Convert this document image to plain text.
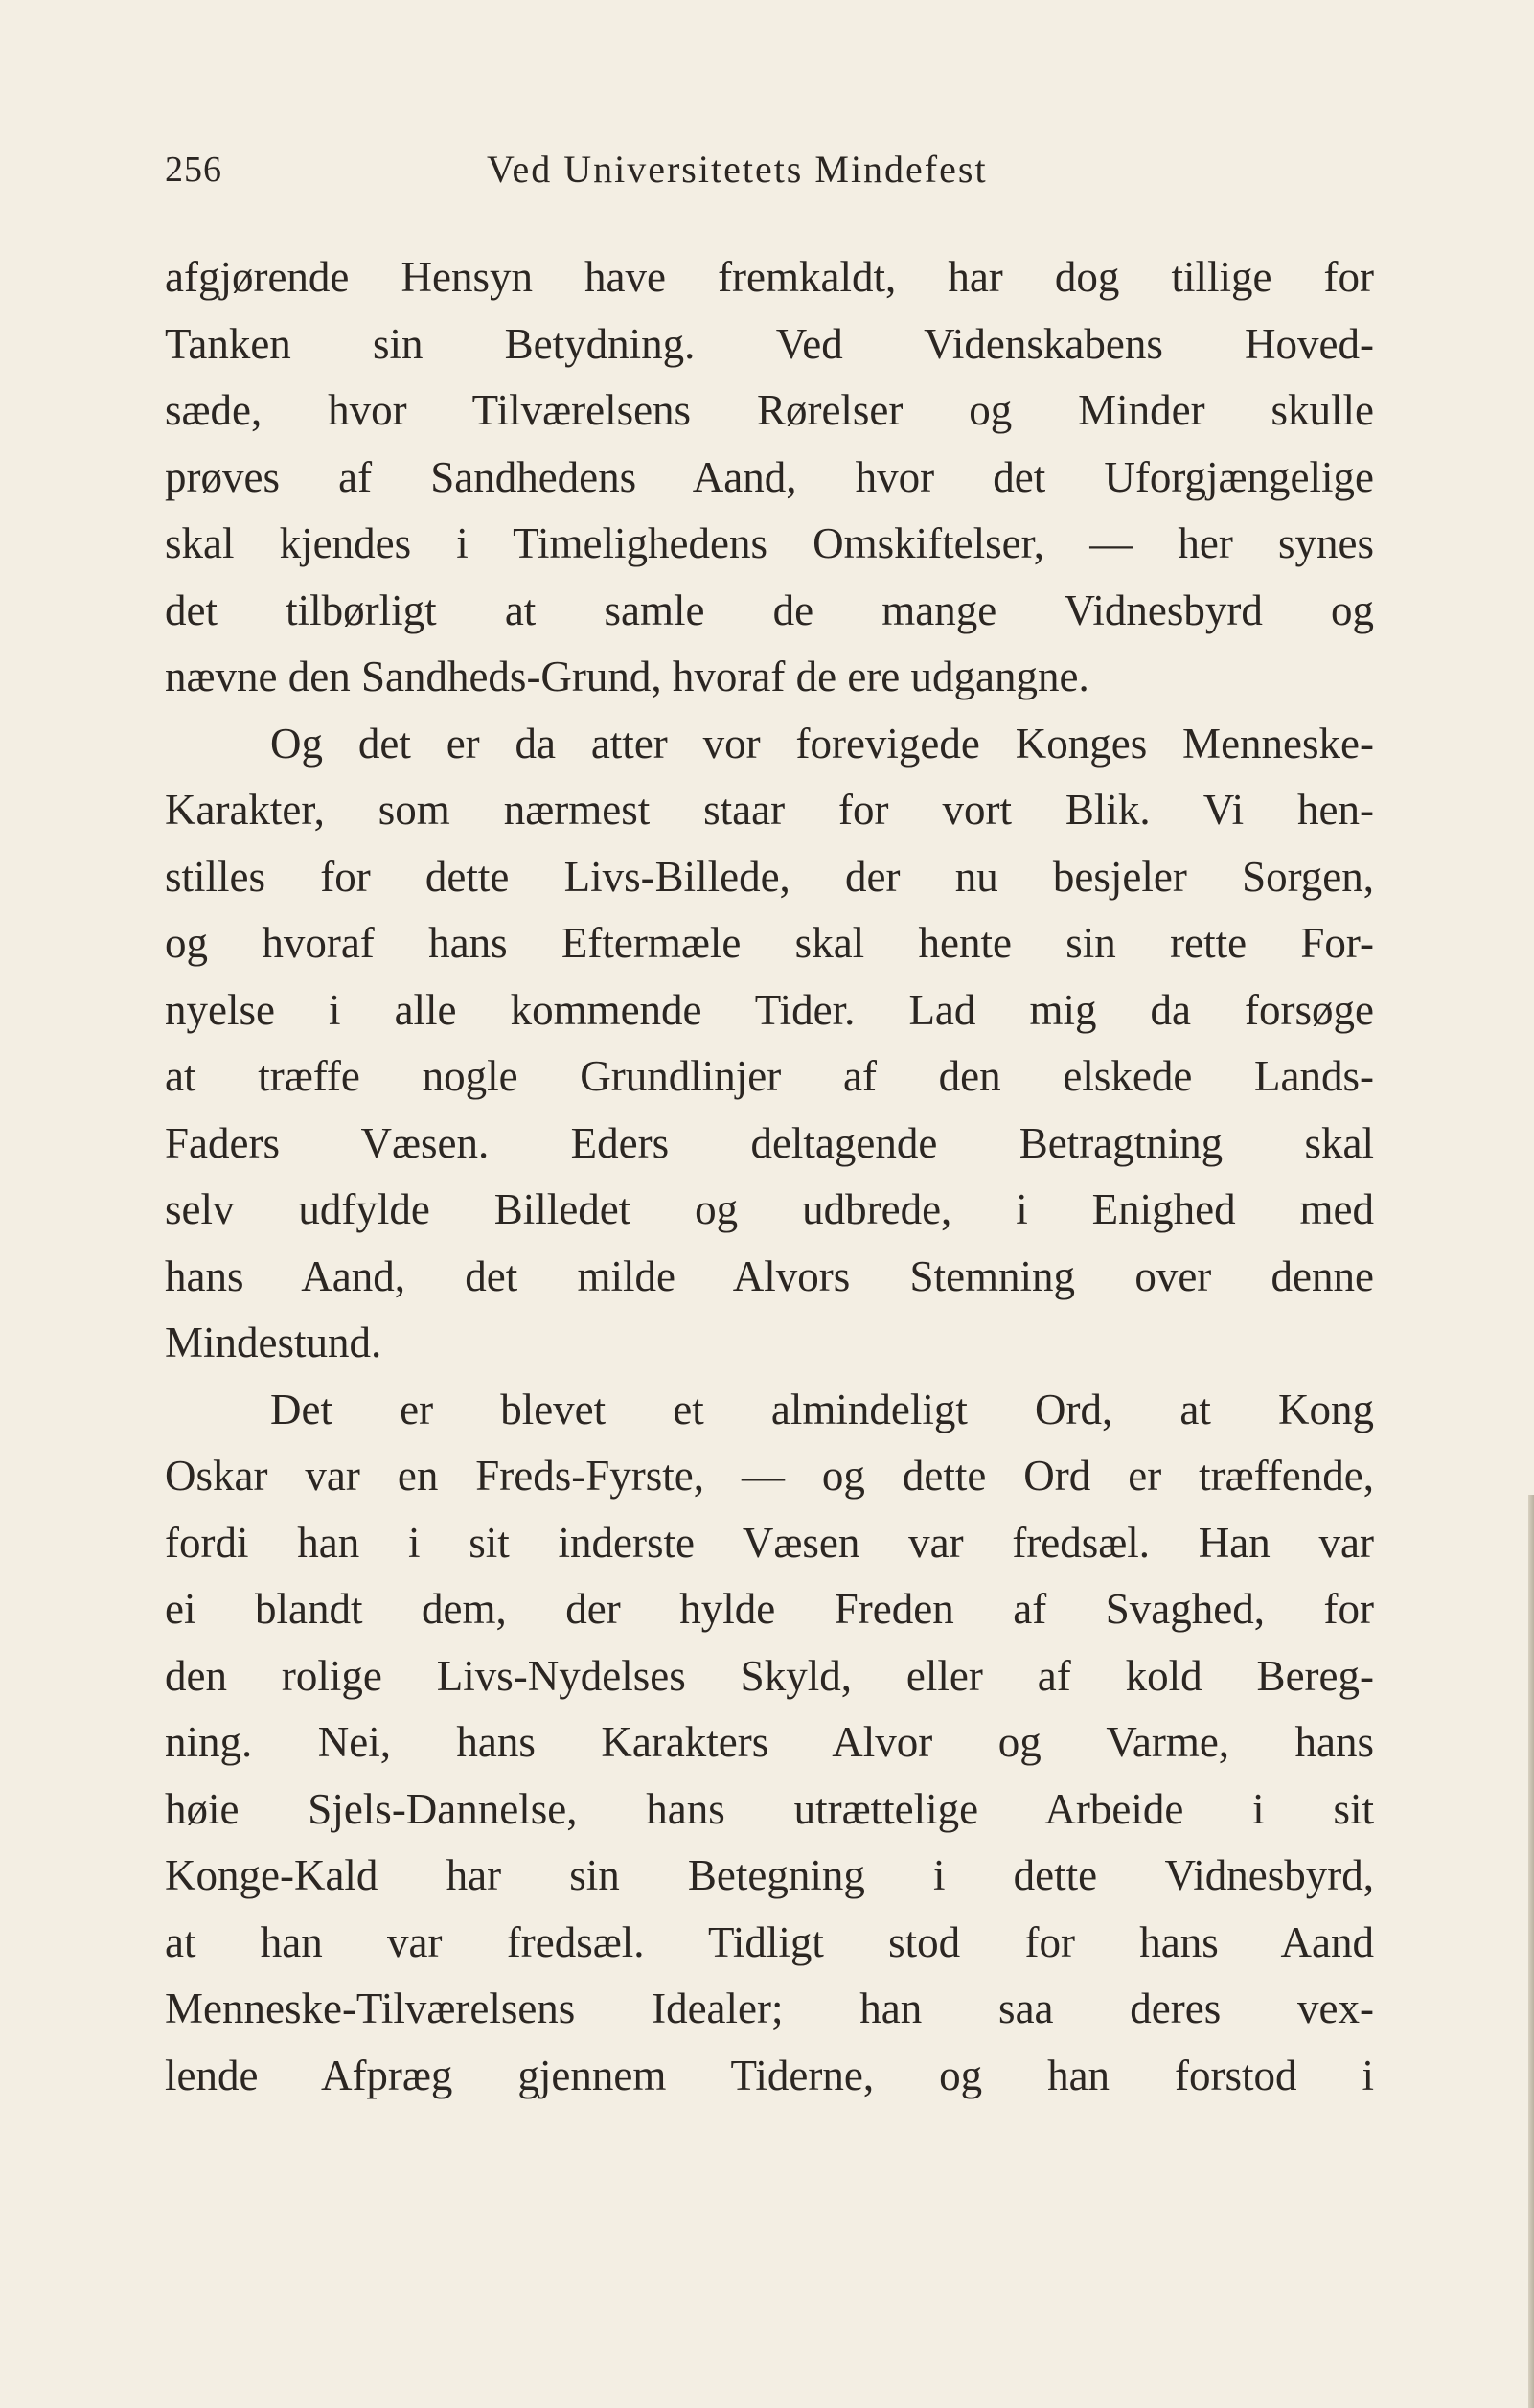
256	Ved Universitetets Mindefest
afgjørende Hensyn have fremkaldt, har dog tillige for
Tanken sin Betydning. Ved Videnskabens Hoved-
sæde, hvor Tilværelsens Rørelser og Minder skulle
prøves af Sandhedens Aand, hvor det Uforgjængelige
skal kjendes i Timelighedens Omskiftelser, — her synes
det tilbørligt at samle de mange Vidnesbyrd og
nævne den Sandheds-Grund, hvoraf de ere udgangne.
Og det er da atter vor forevigede Konges Menneske-
Karakter, som nærmest staar for vort Blik. Vi hen-
stilles for dette Livs-Billede, der nu besjeler Sorgen,
og hvoraf hans Eftermæle skal hente sin rette For-
nyelse i alle kommende Tider. Lad mig da forsøge
at træffe nogle Grundlinjer af den elskede Lands-
Faders Væsen. Eders deltagende Betragtning skal
selv udfylde Billedet og udbrede, i Enighed med
hans Aand, det milde Alvors Stemning over denne
Mindestund.
Det er blevet et almindeligt Ord, at Kong
Oskar var en Freds-Fyrste, — og dette Ord er træffende,
fordi han i sit inderste Væsen var fredsæl. Han var
ei blandt dem, der hylde Freden af Svaghed, for
den rolige Livs-Nydelses Skyld, eller af kold Bereg-
ning. Nei, hans Karakters Alvor og Varme, hans
høie Sjels-Dannelse, hans utrættelige Arbeide i sit
Konge-Kald har sin Betegning i dette Vidnesbyrd,
at han var fredsæl. Tidligt stod for hans Aand
Menneske-Tilværelsens Idealer; han saa deres vex-
lende Afpræg gjennem Tiderne, og han forstod i
